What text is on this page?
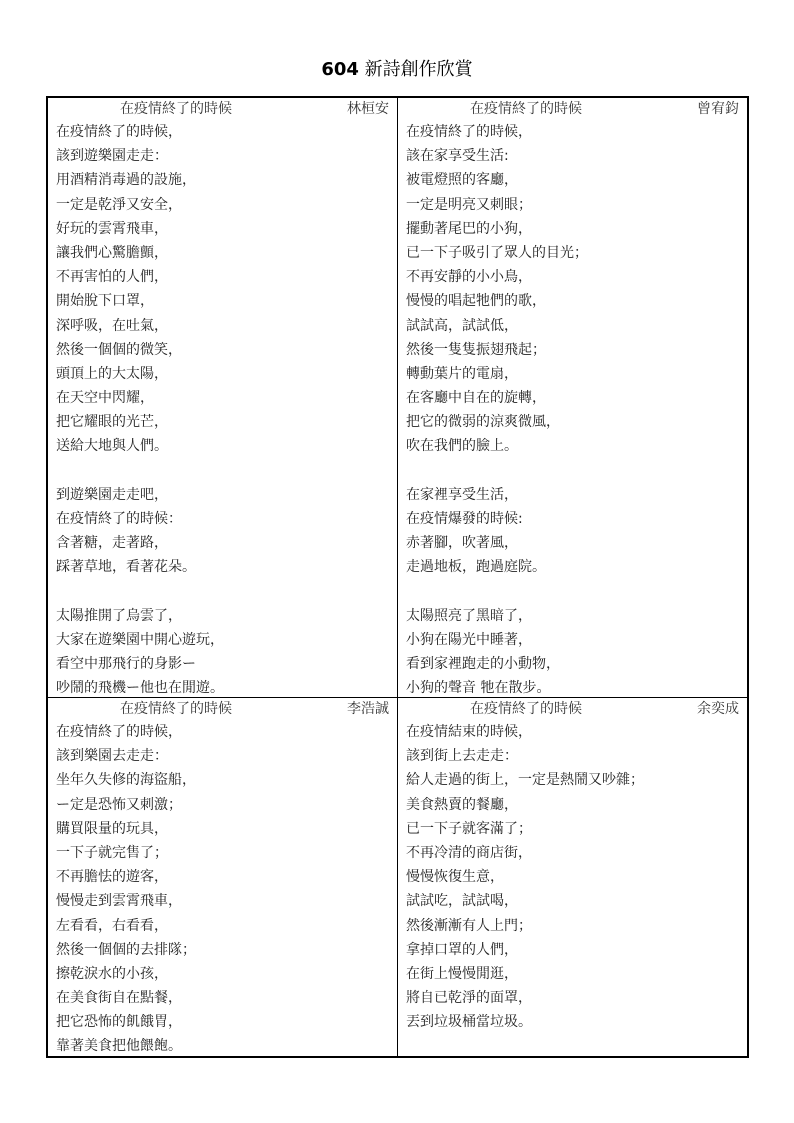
604 新詩創作欣賞
在疫情終了的時候	林桓安
在疫情終了的時候，
該到遊樂園走走：
用酒精消毒過的設施，
一定是乾淨又安全，
好玩的雲霄飛車，
讓我們心驚膽顫，
不再害怕的人們，
開始脫下口罩，
深呼吸，在吐氣，
然後一個個的微笑，
頭頂上的大太陽，
在天空中閃耀，
把它耀眼的光芒，
送給大地與人們。
到遊樂園走走吧，
在疫情終了的時候：
含著糖，走著路，
踩著草地，看著花朵。
太陽推開了烏雲了，
大家在遊樂園中開心遊玩，
看空中那飛行的身影ー
吵鬧的飛機ー他也在閒遊。
在疫情終了的時候	曾宥鈞
在疫情終了的時候，
該在家享受生活:
被電燈照的客廳，
一定是明亮又刺眼；
擺動著尾巴的小狗，
已一下子吸引了眾人的目光；
不再安靜的小小鳥，
慢慢的唱起牠們的歌，
試試高，試試低，
然後一隻隻振翅飛起；
轉動葉片的電扇，
在客廳中自在的旋轉，
把它的微弱的涼爽微風，
吹在我們的臉上。
在家裡享受生活，
在疫情爆發的時候:
赤著腳，吹著風，
走過地板，跑過庭院。
太陽照亮了黑暗了，
小狗在陽光中睡著，
看到家裡跑走的小動物，
小狗的聲音 牠在散步。
在疫情終了的時候	李浩誠
在疫情終了的時候，
該到樂園去走走：
坐年久失修的海盜船，
ー定是恐怖又刺激；
購買限量的玩具，
一下子就完售了；
不再膽怯的遊客，
慢慢走到雲霄飛車，
左看看，右看看，
然後一個個的去排隊；
擦乾淚水的小孩，
在美食街自在點餐，
把它恐怖的飢餓胃，
靠著美食把他餵飽。
在疫情終了的時候	余奕成
在疫情結束的時候，
該到街上去走走：
給人走過的街上，一定是熱鬧又吵雜；
美食熱賣的餐廳，
已一下子就客滿了；
不再冷清的商店街，
慢慢恢復生意，
試試吃，試試喝，
然後漸漸有人上門；
拿掉口罩的人們，
在街上慢慢閒逛，
將自已乾淨的面罩，
丟到垃圾桶當垃圾。
